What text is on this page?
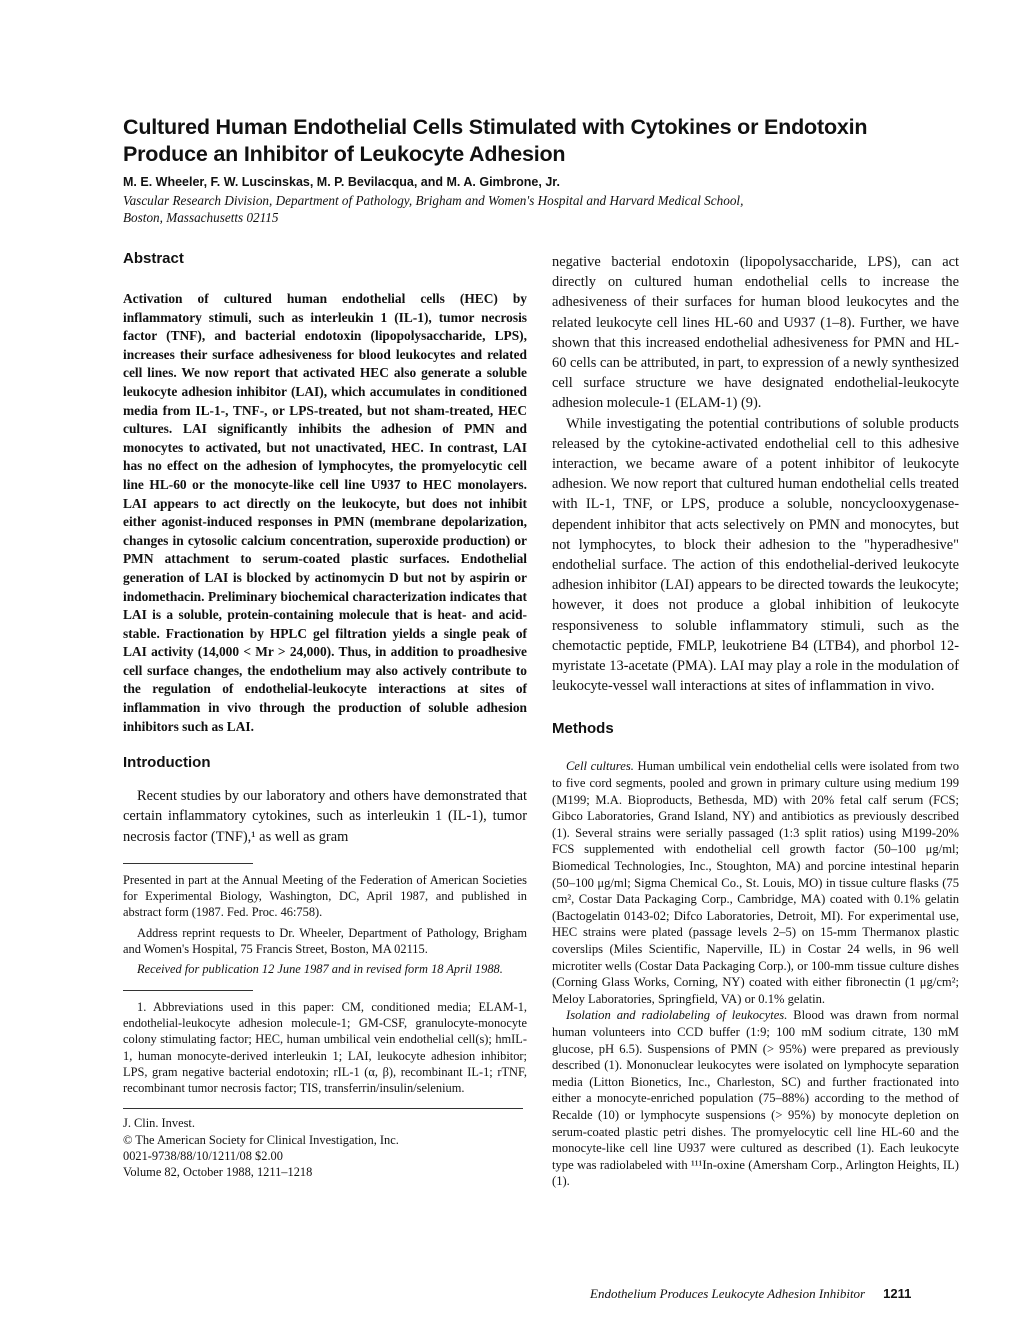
Cultured Human Endothelial Cells Stimulated with Cytokines or Endotoxin
Produce an Inhibitor of Leukocyte Adhesion
M. E. Wheeler, F. W. Luscinskas, M. P. Bevilacqua, and M. A. Gimbrone, Jr.
Vascular Research Division, Department of Pathology, Brigham and Women's Hospital and Harvard Medical School,
Boston, Massachusetts 02115
Abstract

Activation of cultured human endothelial cells (HEC) by inflammatory stimuli, such as interleukin 1 (IL-1), tumor necrosis factor (TNF), and bacterial endotoxin (lipopolysaccharide, LPS), increases their surface adhesiveness for blood leukocytes and related cell lines. We now report that activated HEC also generate a soluble leukocyte adhesion inhibitor (LAI), which accumulates in conditioned media from IL-1-, TNF-, or LPS-treated, but not sham-treated, HEC cultures. LAI significantly inhibits the adhesion of PMN and monocytes to activated, but not unactivated, HEC. In contrast, LAI has no effect on the adhesion of lymphocytes, the promyelocytic cell line HL-60 or the monocyte-like cell line U937 to HEC monolayers. LAI appears to act directly on the leukocyte, but does not inhibit either agonist-induced responses in PMN (membrane depolarization, changes in cytosolic calcium concentration, superoxide production) or PMN attachment to serum-coated plastic surfaces. Endothelial generation of LAI is blocked by actinomycin D but not by aspirin or indomethacin. Preliminary biochemical characterization indicates that LAI is a soluble, protein-containing molecule that is heat- and acid-stable. Fractionation by HPLC gel filtration yields a single peak of LAI activity (14,000 < Mr > 24,000). Thus, in addition to proadhesive cell surface changes, the endothelium may also actively contribute to the regulation of endothelial-leukocyte interactions at sites of inflammation in vivo through the production of soluble adhesion inhibitors such as LAI.

Introduction

Recent studies by our laboratory and others have demonstrated that certain inflammatory cytokines, such as interleukin 1 (IL-1), tumor necrosis factor (TNF),¹ as well as gram

Presented in part at the Annual Meeting of the Federation of American Societies for Experimental Biology, Washington, DC, April 1987, and published in abstract form (1987. Fed. Proc. 46:758).

Address reprint requests to Dr. Wheeler, Department of Pathology, Brigham and Women's Hospital, 75 Francis Street, Boston, MA 02115.

Received for publication 12 June 1987 and in revised form 18 April 1988.

1. Abbreviations used in this paper: CM, conditioned media; ELAM-1, endothelial-leukocyte adhesion molecule-1; GM-CSF, granulocyte-monocyte colony stimulating factor; HEC, human umbilical vein endothelial cell(s); hmIL-1, human monocyte-derived interleukin 1; LAI, leukocyte adhesion inhibitor; LPS, gram negative bacterial endotoxin; rIL-1 (α, β), recombinant IL-1; rTNF, recombinant tumor necrosis factor; TIS, transferrin/insulin/selenium.

J. Clin. Invest.

© The American Society for Clinical Investigation, Inc.

0021-9738/88/10/1211/08 $2.00

Volume 82, October 1988, 1211–1218

negative bacterial endotoxin (lipopolysaccharide, LPS), can act directly on cultured human endothelial cells to increase the adhesiveness of their surfaces for human blood leukocytes and the related leukocyte cell lines HL-60 and U937 (1–8). Further, we have shown that this increased endothelial adhesiveness for PMN and HL-60 cells can be attributed, in part, to expression of a newly synthesized cell surface structure we have designated endothelial-leukocyte adhesion molecule-1 (ELAM-1) (9).

While investigating the potential contributions of soluble products released by the cytokine-activated endothelial cell to this adhesive interaction, we became aware of a potent inhibitor of leukocyte adhesion. We now report that cultured human endothelial cells treated with IL-1, TNF, or LPS, produce a soluble, noncyclooxygenase-dependent inhibitor that acts selectively on PMN and monocytes, but not lymphocytes, to block their adhesion to the "hyperadhesive" endothelial surface. The action of this endothelial-derived leukocyte adhesion inhibitor (LAI) appears to be directed towards the leukocyte; however, it does not produce a global inhibition of leukocyte responsiveness to soluble inflammatory stimuli, such as the chemotactic peptide, FMLP, leukotriene B4 (LTB4), and phorbol 12-myristate 13-acetate (PMA). LAI may play a role in the modulation of leukocyte-vessel wall interactions at sites of inflammation in vivo.

Methods

Cell cultures. Human umbilical vein endothelial cells were isolated from two to five cord segments, pooled and grown in primary culture using medium 199 (M199; M.A. Bioproducts, Bethesda, MD) with 20% fetal calf serum (FCS; Gibco Laboratories, Grand Island, NY) and antibiotics as previously described (1). Several strains were serially passaged (1:3 split ratios) using M199-20% FCS supplemented with endothelial cell growth factor (50–100 μg/ml; Biomedical Technologies, Inc., Stoughton, MA) and porcine intestinal heparin (50–100 μg/ml; Sigma Chemical Co., St. Louis, MO) in tissue culture flasks (75 cm², Costar Data Packaging Corp., Cambridge, MA) coated with 0.1% gelatin (Bactogelatin 0143-02; Difco Laboratories, Detroit, MI). For experimental use, HEC strains were plated (passage levels 2–5) on 15-mm Thermanox plastic coverslips (Miles Scientific, Naperville, IL) in Costar 24 wells, in 96 well microtiter wells (Costar Data Packaging Corp.), or 100-mm tissue culture dishes (Corning Glass Works, Corning, NY) coated with either fibronectin (1 μg/cm²; Meloy Laboratories, Springfield, VA) or 0.1% gelatin.

Isolation and radiolabeling of leukocytes. Blood was drawn from normal human volunteers into CCD buffer (1:9; 100 mM sodium citrate, 130 mM glucose, pH 6.5). Suspensions of PMN (> 95%) were prepared as previously described (1). Mononuclear leukocytes were isolated on lymphocyte separation media (Litton Bionetics, Inc., Charleston, SC) and further fractionated into either a monocyte-enriched population (75–88%) according to the method of Recalde (10) or lymphocyte suspensions (> 95%) by monocyte depletion on serum-coated plastic petri dishes. The promyelocytic cell line HL-60 and the monocyte-like cell line U937 were cultured as described (1). Each leukocyte type was radiolabeled with ¹¹¹In-oxine (Amersham Corp., Arlington Heights, IL) (1).

Endothelium Produces Leukocyte Adhesion Inhibitor 1211
